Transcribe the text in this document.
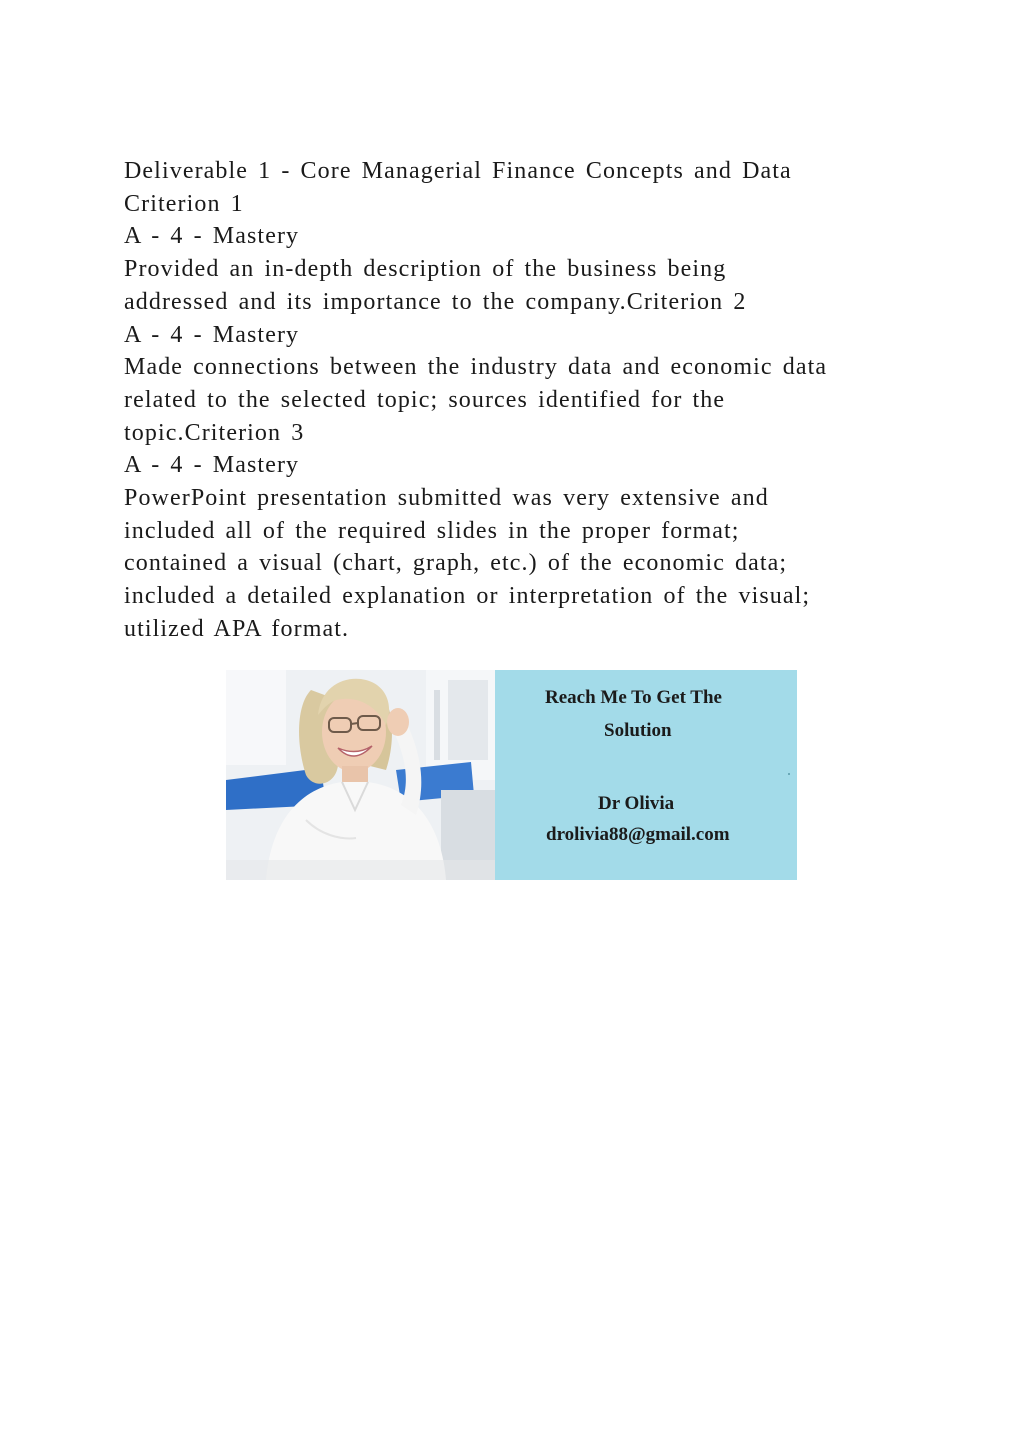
Deliverable 1 - Core Managerial Finance Concepts and Data
Criterion 1
A - 4 - Mastery
Provided an in-depth description of the business being
addressed and its importance to the company.Criterion 2
A - 4 - Mastery
Made connections between the industry data and economic data
related to the selected topic; sources identified for the
topic.Criterion 3
A - 4 - Mastery
PowerPoint presentation submitted was very extensive and
included all of the required slides in the proper format;
contained a visual (chart, graph, etc.) of the economic data;
included a detailed explanation or interpretation of the visual;
utilized APA format.
Reach Me To Get The
Solution
Dr Olivia
drolivia88@gmail.com
